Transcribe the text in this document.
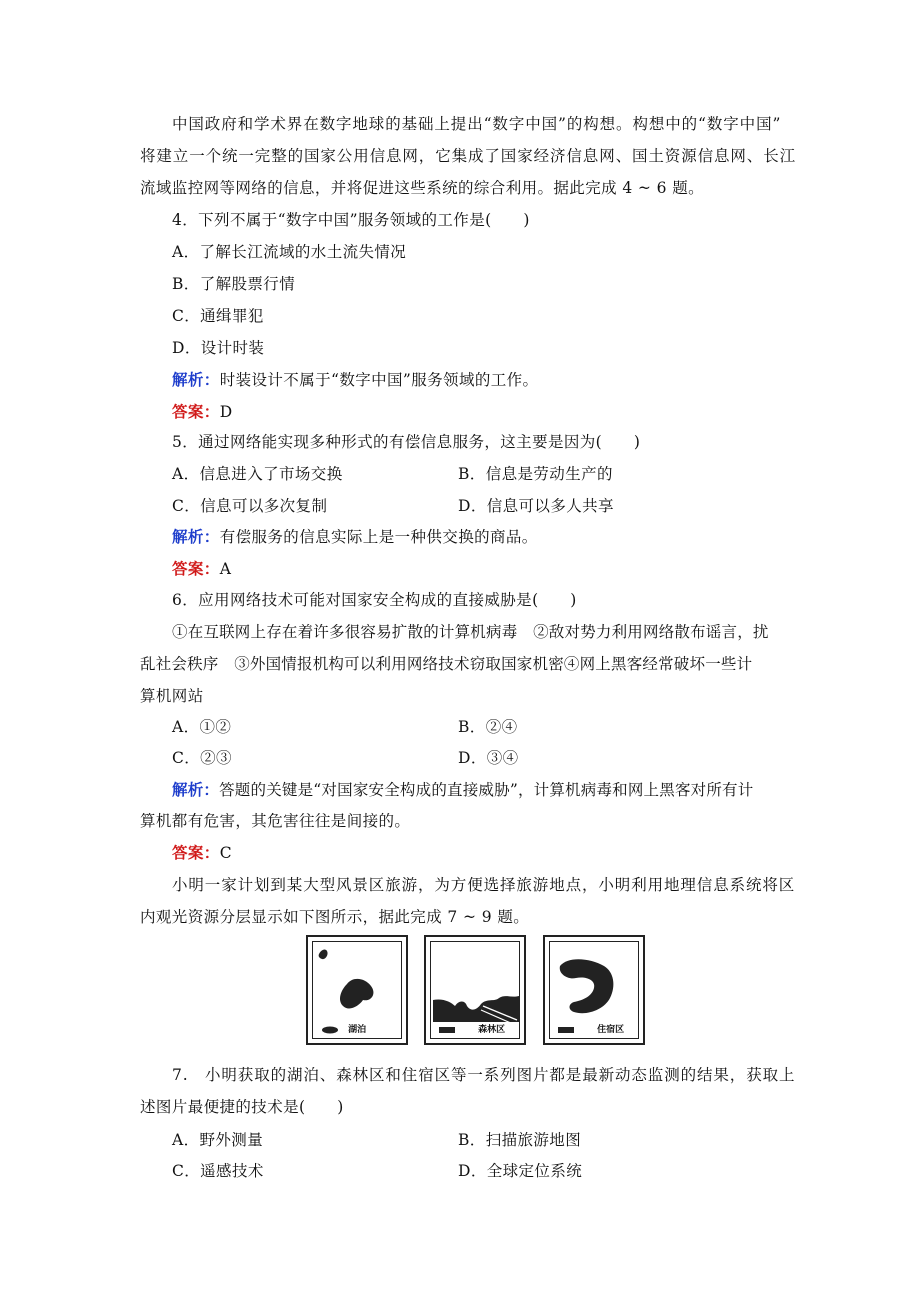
中国政府和学术界在数字地球的基础上提出“数字中国”的构想。构想中的“数字中国”
将建立一个统一完整的国家公用信息网，它集成了国家经济信息网、国土资源信息网、长江
流域监控网等网络的信息，并将促进这些系统的综合利用。据此完成 4 ~ 6 题。
4．下列不属于“数字中国”服务领域的工作是(　　)
A．了解长江流域的水土流失情况
B．了解股票行情
C．通缉罪犯
D．设计时装
解析：时装设计不属于“数字中国”服务领域的工作。
答案：D
5．通过网络能实现多种形式的有偿信息服务，这主要是因为(　　)
A．信息进入了市场交换	B．信息是劳动生产的
C．信息可以多次复制	D．信息可以多人共享
解析：有偿服务的信息实际上是一种供交换的商品。
答案：A
6．应用网络技术可能对国家安全构成的直接威胁是(　　)
①在互联网上存在着许多很容易扩散的计算机病毒　②敌对势力利用网络散布谣言，扰
乱社会秩序　③外国情报机构可以利用网络技术窃取国家机密④网上黑客经常破坏一些计
算机网站
A．①②	B．②④
C．②③	D．③④
解析：答题的关键是“对国家安全构成的直接威胁”，计算机病毒和网上黑客对所有计
算机都有危害，其危害往往是间接的。
答案：C
小明一家计划到某大型风景区旅游，为方便选择旅游地点，小明利用地理信息系统将区
内观光资源分层显示如下图所示，据此完成 7 ~ 9 题。
湖泊	森林区	住宿区
7.　小明获取的湖泊、森林区和住宿区等一系列图片都是最新动态监测的结果，获取上
述图片最便捷的技术是(　　)
A．野外测量	B．扫描旅游地图
C．遥感技术	D．全球定位系统
